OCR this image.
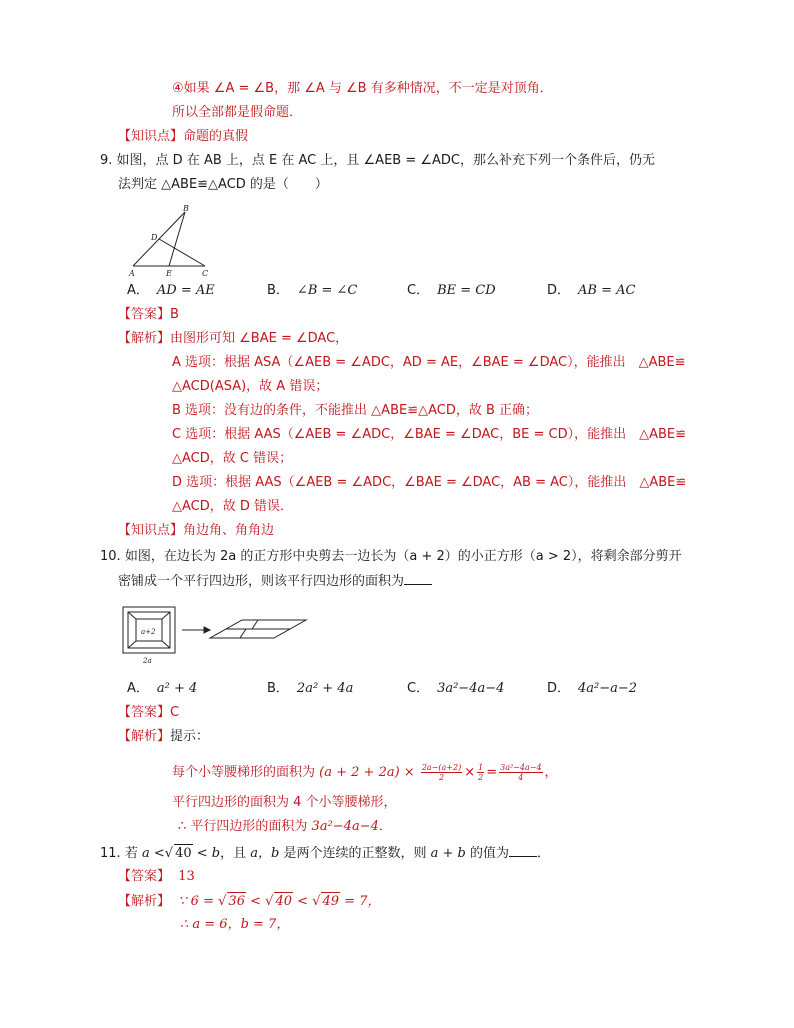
④如果 ∠A = ∠B，那 ∠A 与 ∠B 有多种情况，不一定是对顶角．
所以全部都是假命题．
【知识点】命题的真假
9. 如图，点 D 在 AB 上，点 E 在 AC 上，且 ∠AEB = ∠ADC，那么补充下列一个条件后，仍无
法判定 △ABE≌△ACD 的是（　　）
B
D
A	E	C
A． AD = AE	B． ∠B = ∠C	C． BE = CD	D． AB = AC
【答案】B
【解析】由图形可知 ∠BAE = ∠DAC，
A 选项：根据 ASA（∠AEB = ∠ADC，AD = AE，∠BAE = ∠DAC），能推出　△ABE≌
△ACD(ASA)，故 A 错误；
B 选项：没有边的条件，不能推出 △ABE≌△ACD，故 B 正确；
C 选项：根据 AAS（∠AEB = ∠ADC，∠BAE = ∠DAC，BE = CD），能推出　△ABE≌
△ACD，故 C 错误；
D 选项：根据 AAS（∠AEB = ∠ADC，∠BAE = ∠DAC，AB = AC），能推出　△ABE≌
△ACD，故 D 错误．
【知识点】角边角、角角边
10. 如图，在边长为 2a 的正方形中央剪去一边长为（a + 2）的小正方形（a > 2），将剩余部分剪开
密铺成一个平行四边形，则该平行四边形的面积为
a+2
2a
A． a² + 4	B． 2a² + 4a	C． 3a²−4a−4	D． 4a²−a−2
【答案】C
【解析】提示：
每个小等腰梯形的面积为 $(a + 2 + 2a) \times \frac{2a-(a+2)}{2} \times \frac{1}{2} = \frac{\text{3a²−4a−4}}{4}$ ，
平行四边形的面积为 4 个小等腰梯形，
∴ 平行四边形的面积为 3a²−4a−4．
11. 若 a <√ 40 < b，且 a，b 是两个连续的正整数，则 a + b 的值为 ．
【答案】 13
【解析】 ∵ 6 = √ 36 < √ 40 < √ 49 = 7，
∴ a = 6，b = 7，
